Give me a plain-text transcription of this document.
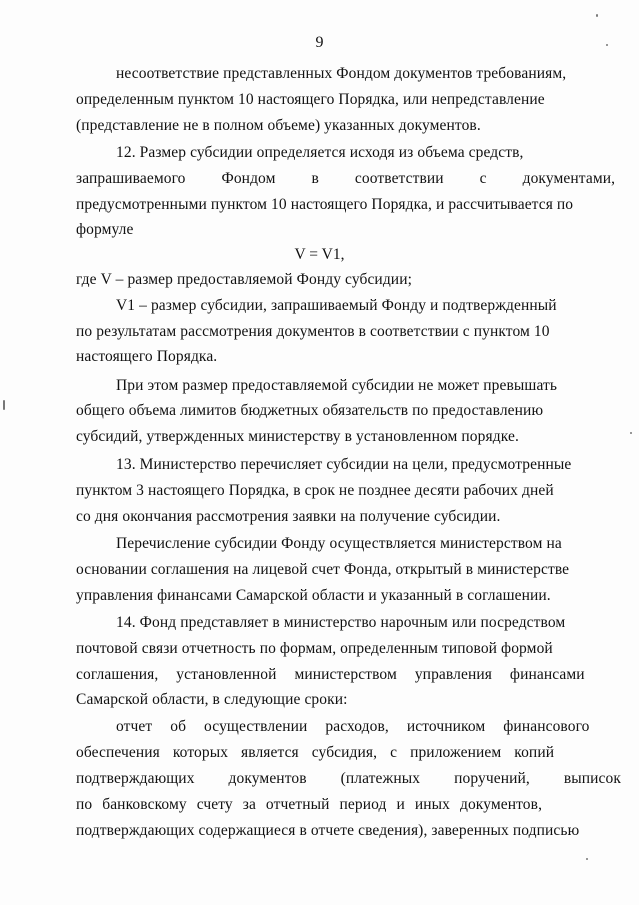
9
несоответствие представленных Фондом документов требованиям,
определенным пунктом 10 настоящего Порядка, или непредставление
(представление не в полном объеме) указанных документов.
12. Размер субсидии определяется исходя из объема средств,
запрашиваемого Фондом в соответствии с документами,
предусмотренными пунктом 10 настоящего Порядка, и рассчитывается по
формуле
V = V1,
где V – размер предоставляемой Фонду субсидии;
V1 – размер субсидии, запрашиваемый Фонду и подтвержденный
по результатам рассмотрения документов в соответствии с пунктом 10
настоящего Порядка.
При этом размер предоставляемой субсидии не может превышать
общего объема лимитов бюджетных обязательств по предоставлению
субсидий, утвержденных министерству в установленном порядке.
13. Министерство перечисляет субсидии на цели, предусмотренные
пунктом 3 настоящего Порядка, в срок не позднее десяти рабочих дней
со дня окончания рассмотрения заявки на получение субсидии.
Перечисление субсидии Фонду осуществляется министерством на
основании соглашения на лицевой счет Фонда, открытый в министерстве
управления финансами Самарской области и указанный в соглашении.
14. Фонд представляет в министерство нарочным или посредством
почтовой связи отчетность по формам, определенным типовой формой
соглашения, установленной министерством управления финансами
Самарской области, в следующие сроки:
отчет об осуществлении расходов, источником финансового
обеспечения которых является субсидия, с приложением копий
подтверждающих документов (платежных поручений, выписок
по банковскому счету за отчетный период и иных документов,
подтверждающих содержащиеся в отчете сведения), заверенных подписью
